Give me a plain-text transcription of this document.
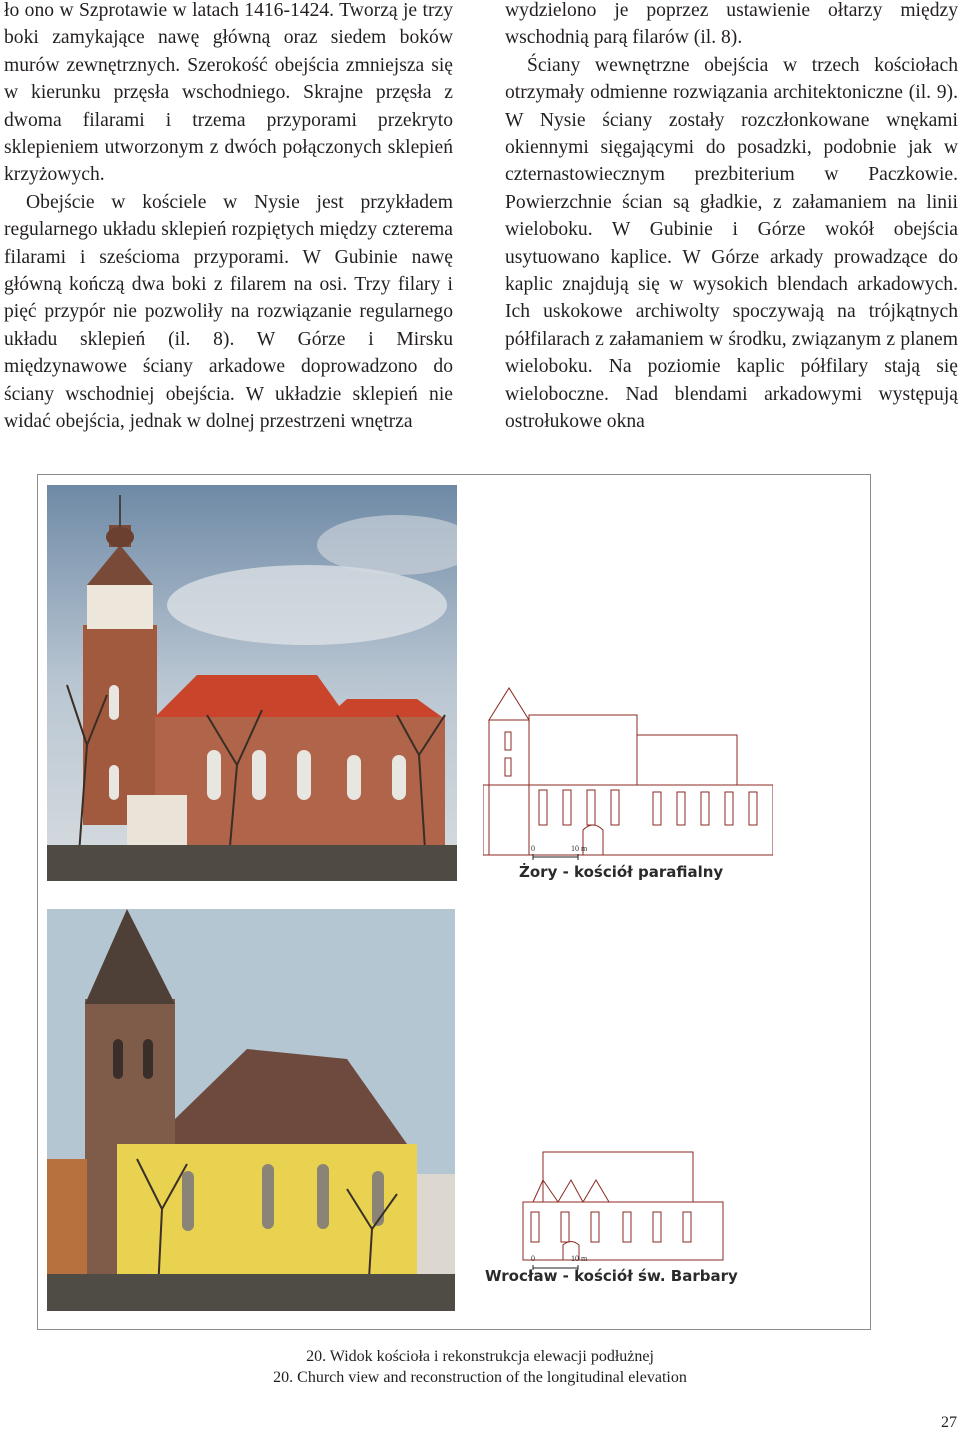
ło ono w Szprotawie w latach 1416-1424. Tworzą je trzy boki zamykające nawę główną oraz siedem boków murów zewnętrznych. Szerokość obejścia zmniejsza się w kierunku przęsła wschodniego. Skrajne przęsła z dwoma filarami i trzema przyporami przekryto sklepieniem utworzonym z dwóch połączonych sklepień krzyżowych.

Obejście w kościele w Nysie jest przykładem regularnego układu sklepień rozpiętych między czterema filarami i sześcioma przyporami. W Gubinie nawę główną kończą dwa boki z filarem na osi. Trzy filary i pięć przypór nie pozwoliły na rozwiązanie regularnego układu sklepień (il. 8). W Górze i Mirsku międzynawowe ściany arkadowe doprowadzono do ściany wschodniej obejścia. W układzie sklepień nie widać obejścia, jednak w dolnej przestrzeni wnętrza

wydzielono je poprzez ustawienie ołtarzy między wschodnią parą filarów (il. 8).

Ściany wewnętrzne obejścia w trzech kościołach otrzymały odmienne rozwiązania architektoniczne (il. 9). W Nysie ściany zostały rozczłonkowane wnękami okiennymi sięgającymi do posadzki, podobnie jak w czternastowiecznym prezbiterium w Paczkowie. Powierzchnie ścian są gładkie, z załamaniem na linii wieloboku. W Gubinie i Górze wokół obejścia usytuowano kaplice. W Górze arkady prowadzące do kaplic znajdują się w wysokich blendach arkadowych. Ich uskokowe archiwolty spoczywają na trójkątnych półfilarach z załamaniem w środku, związanym z planem wieloboku. Na poziomie kaplic półfilary stają się wieloboczne. Nad blendami arkadowymi występują ostrołukowe okna

0	10 m
Żory - kościół parafialny
0	10 m
Wrocław - kościół św. Barbary
20. Widok kościoła i rekonstrukcja elewacji podłużnej
20. Church view and reconstruction of the longitudinal elevation
27
